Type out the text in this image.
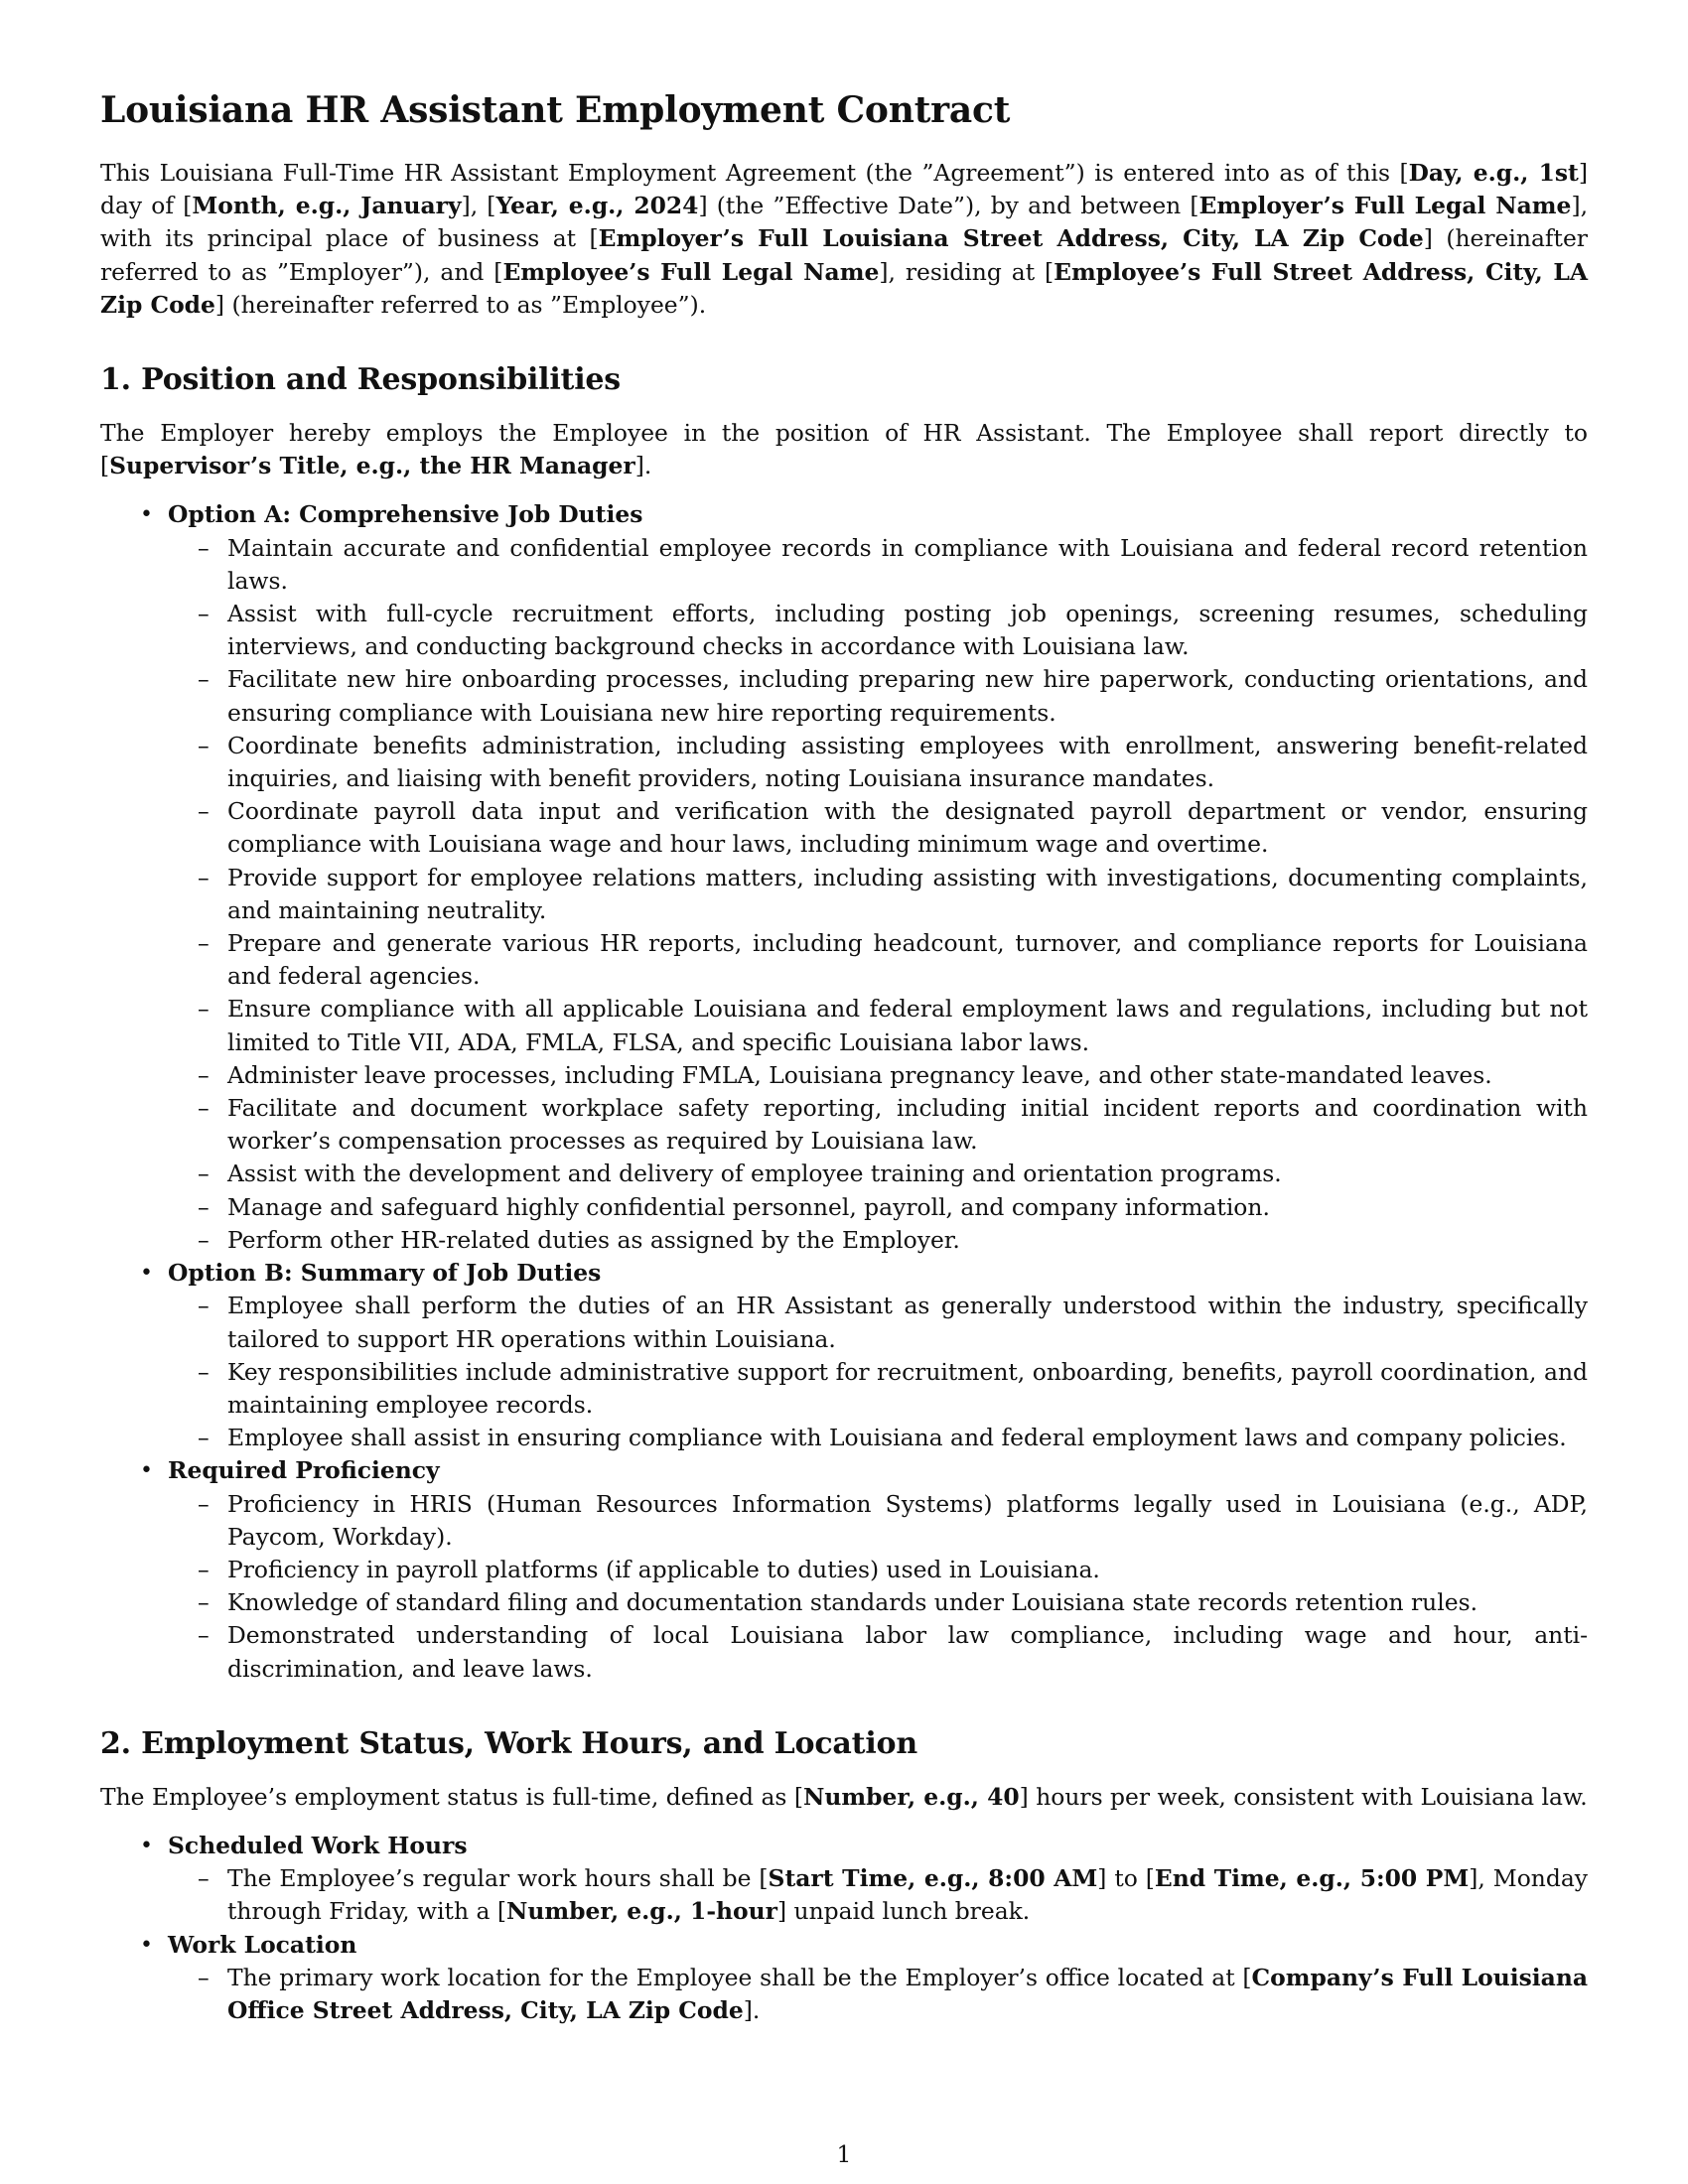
Louisiana HR Assistant Employment Contract

This Louisiana Full-Time HR Assistant Employment Agreement (the ”Agreement”) is entered into as of this [Day, e.g., 1st] day of [Month, e.g., January], [Year, e.g., 2024] (the ”Effective Date”), by and between [Employer’s Full Legal Name], with its principal place of business at [Employer’s Full Louisiana Street Address, City, LA Zip Code] (hereinafter referred to as ”Employer”), and [Employee’s Full Legal Name], residing at [Employee’s Full Street Address, City, LA Zip Code] (hereinafter referred to as ”Employee”).

1. Position and Responsibilities

The Employer hereby employs the Employee in the position of HR Assistant. The Employee shall report directly to [Supervisor’s Title, e.g., the HR Manager].

• Option A: Comprehensive Job Duties
– Maintain accurate and confidential employee records in compliance with Louisiana and federal record retention laws.
– Assist with full-cycle recruitment efforts, including posting job openings, screening resumes, scheduling interviews, and conducting background checks in accordance with Louisiana law.
– Facilitate new hire onboarding processes, including preparing new hire paperwork, conducting orientations, and ensuring compliance with Louisiana new hire reporting requirements.
– Coordinate benefits administration, including assisting employees with enrollment, answering benefit-related inquiries, and liaising with benefit providers, noting Louisiana insurance mandates.
– Coordinate payroll data input and verification with the designated payroll department or vendor, ensuring compliance with Louisiana wage and hour laws, including minimum wage and overtime.
– Provide support for employee relations matters, including assisting with investigations, documenting complaints, and maintaining neutrality.
– Prepare and generate various HR reports, including headcount, turnover, and compliance reports for Louisiana and federal agencies.
– Ensure compliance with all applicable Louisiana and federal employment laws and regulations, including but not limited to Title VII, ADA, FMLA, FLSA, and specific Louisiana labor laws.
– Administer leave processes, including FMLA, Louisiana pregnancy leave, and other state-mandated leaves.
– Facilitate and document workplace safety reporting, including initial incident reports and coordination with worker’s compensation processes as required by Louisiana law.
– Assist with the development and delivery of employee training and orientation programs.
– Manage and safeguard highly confidential personnel, payroll, and company information.
– Perform other HR-related duties as assigned by the Employer.
• Option B: Summary of Job Duties
– Employee shall perform the duties of an HR Assistant as generally understood within the industry, specifically tailored to support HR operations within Louisiana.
– Key responsibilities include administrative support for recruitment, onboarding, benefits, payroll coordination, and maintaining employee records.
– Employee shall assist in ensuring compliance with Louisiana and federal employment laws and company policies.
• Required Proficiency
– Proficiency in HRIS (Human Resources Information Systems) platforms legally used in Louisiana (e.g., ADP, Paycom, Workday).
– Proficiency in payroll platforms (if applicable to duties) used in Louisiana.
– Knowledge of standard filing and documentation standards under Louisiana state records retention rules.
– Demonstrated understanding of local Louisiana labor law compliance, including wage and hour, anti-discrimination, and leave laws.
2. Employment Status, Work Hours, and Location

The Employee’s employment status is full-time, defined as [Number, e.g., 40] hours per week, consistent with Louisiana law.

• Scheduled Work Hours
– The Employee’s regular work hours shall be [Start Time, e.g., 8:00 AM] to [End Time, e.g., 5:00 PM], Monday through Friday, with a [Number, e.g., 1-hour] unpaid lunch break.
• Work Location
– The primary work location for the Employee shall be the Employer’s office located at [Company’s Full Louisiana Office Street Address, City, LA Zip Code].
1
